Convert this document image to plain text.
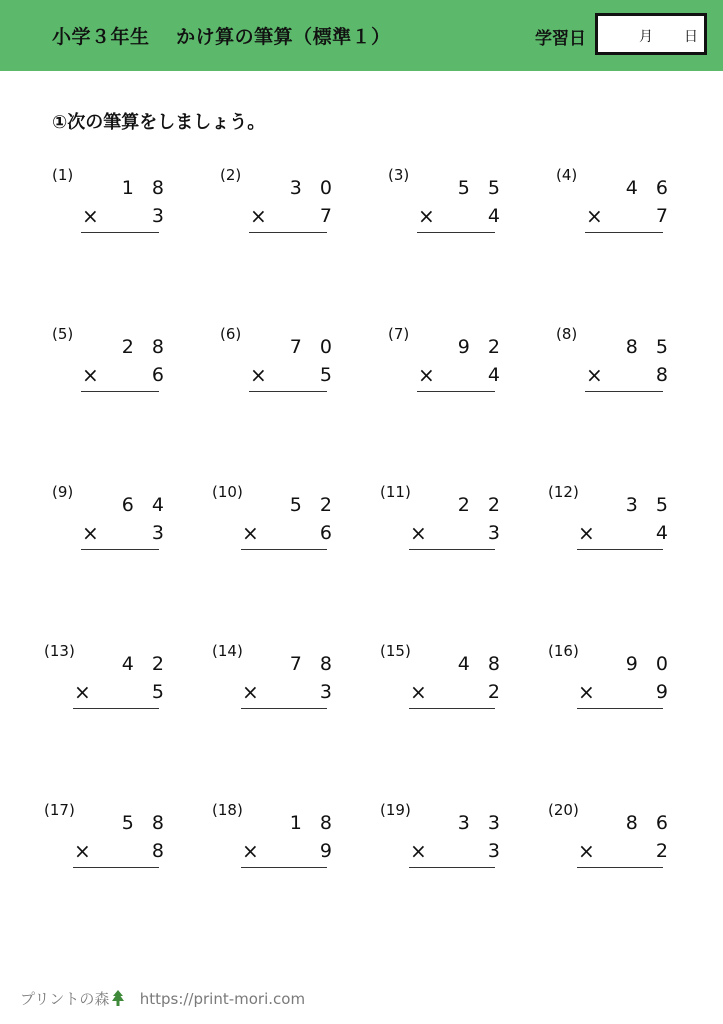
小学３年生　 かけ算の筆算（標準１）	学習日	月 日
①次の筆算をしましょう。
(1)
1 8
×	3
(2)
3 0
×	7
(3)
5 5
×	4
(4)
4 6
×	7
(5)
2 8
×	6
(6)
7 0
×	5
(7)
9 2
×	4
(8)
8 5
×	8
(9)
6 4
×	3
(10)
5 2
×	6
(11)
2 2
×	3
(12)
3 5
×	4
(13)
4 2
×	5
(14)
7 8
×	3
(15)
4 8
×	2
(16)
9 0
×	9
(17)
5 8
×	8
(18)
1 8
×	9
(19)
3 3
×	3
(20)
8 6
×	2
プリントの森 https://print-mori.com
